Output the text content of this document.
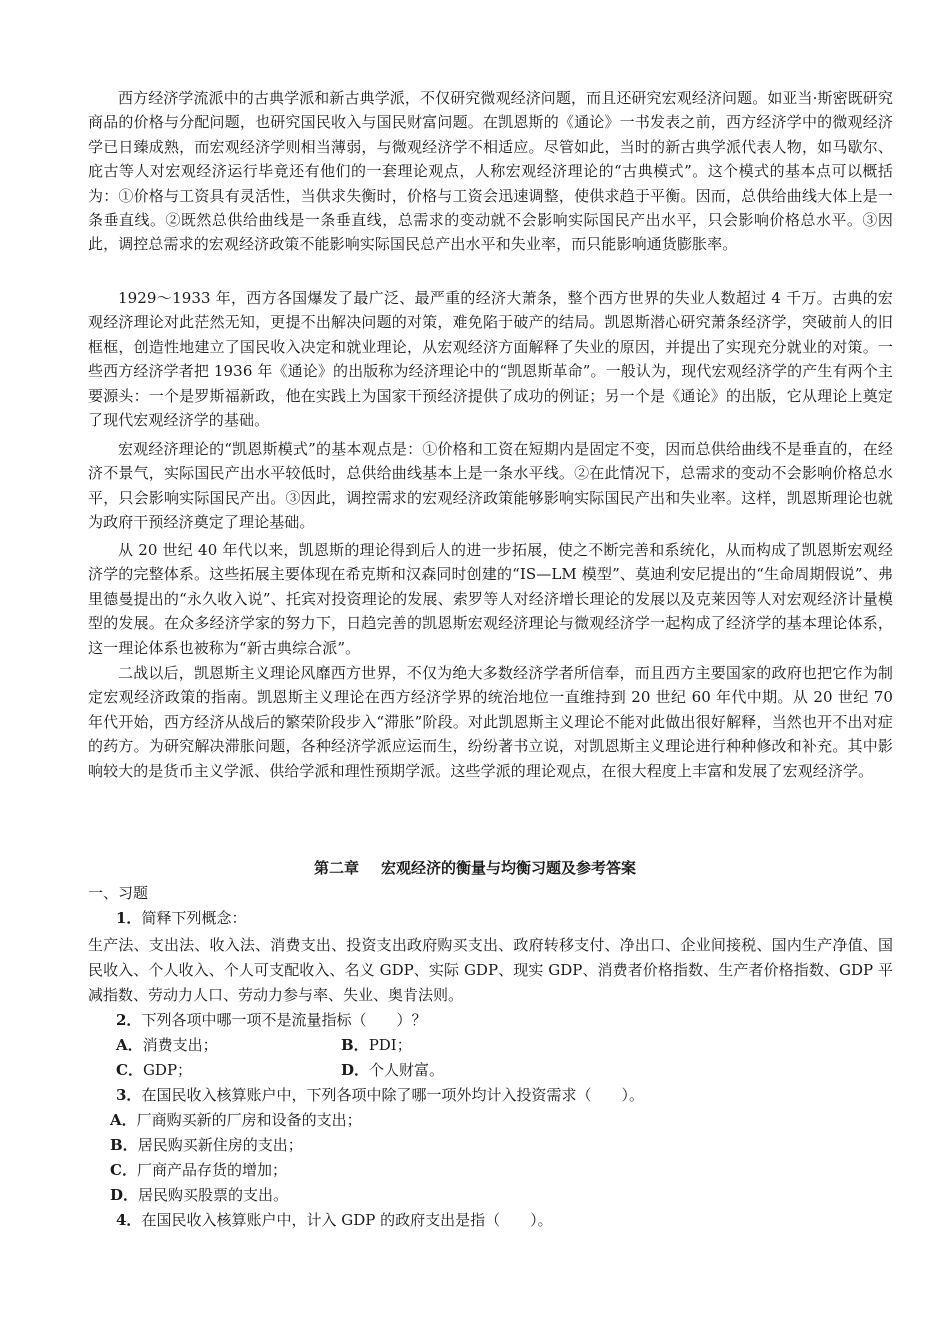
西方经济学流派中的古典学派和新古典学派，不仅研究微观经济问题，而且还研究宏观经济问题。如亚当·斯密既研究商品的价格与分配问题，也研究国民收入与国民财富问题。在凯恩斯的《通论》一书发表之前，西方经济学中的微观经济学已日臻成熟，而宏观经济学则相当薄弱，与微观经济学不相适应。尽管如此，当时的新古典学派代表人物，如马歇尔、庇古等人对宏观经济运行毕竟还有他们的一套理论观点，人称宏观经济理论的“古典模式”。这个模式的基本点可以概括为：①价格与工资具有灵活性，当供求失衡时，价格与工资会迅速调整，使供求趋于平衡。因而，总供给曲线大体上是一条垂直线。②既然总供给曲线是一条垂直线，总需求的变动就不会影响实际国民产出水平，只会影响价格总水平。③因此，调控总需求的宏观经济政策不能影响实际国民总产出水平和失业率，而只能影响通货膨胀率。

1929～1933 年，西方各国爆发了最广泛、最严重的经济大萧条，整个西方世界的失业人数超过 4 千万。古典的宏观经济理论对此茫然无知，更提不出解决问题的对策，难免陷于破产的结局。凯恩斯潜心研究萧条经济学，突破前人的旧框框，创造性地建立了国民收入决定和就业理论，从宏观经济方面解释了失业的原因，并提出了实现充分就业的对策。一些西方经济学者把 1936 年《通论》的出版称为经济理论中的“凯恩斯革命”。一般认为，现代宏观经济学的产生有两个主要源头：一个是罗斯福新政，他在实践上为国家干预经济提供了成功的例证；另一个是《通论》的出版，它从理论上奠定了现代宏观经济学的基础。

宏观经济理论的“凯恩斯模式”的基本观点是：①价格和工资在短期内是固定不变，因而总供给曲线不是垂直的，在经济不景气，实际国民产出水平较低时，总供给曲线基本上是一条水平线。②在此情况下，总需求的变动不会影响价格总水平，只会影响实际国民产出。③因此，调控需求的宏观经济政策能够影响实际国民产出和失业率。这样，凯恩斯理论也就为政府干预经济奠定了理论基础。

从 20 世纪 40 年代以来，凯恩斯的理论得到后人的进一步拓展，使之不断完善和系统化，从而构成了凯恩斯宏观经济学的完整体系。这些拓展主要体现在希克斯和汉森同时创建的“IS—LM 模型”、莫迪利安尼提出的“生命周期假说”、弗里德曼提出的“永久收入说”、托宾对投资理论的发展、索罗等人对经济增长理论的发展以及克莱因等人对宏观经济计量模型的发展。在众多经济学家的努力下，日趋完善的凯恩斯宏观经济理论与微观经济学一起构成了经济学的基本理论体系，这一理论体系也被称为“新古典综合派”。

二战以后，凯恩斯主义理论风靡西方世界，不仅为绝大多数经济学者所信奉，而且西方主要国家的政府也把它作为制定宏观经济政策的指南。凯恩斯主义理论在西方经济学界的统治地位一直维持到 20 世纪 60 年代中期。从 20 世纪 70 年代开始，西方经济从战后的繁荣阶段步入“滞胀”阶段。对此凯恩斯主义理论不能对此做出很好解释，当然也开不出对症的药方。为研究解决滞胀问题，各种经济学派应运而生，纷纷著书立说，对凯恩斯主义理论进行种种修改和补充。其中影响较大的是货币主义学派、供给学派和理性预期学派。这些学派的理论观点，在很大程度上丰富和发展了宏观经济学。

第二章 宏观经济的衡量与均衡习题及参考答案

一、习题

1．简释下列概念：

生产法、支出法、收入法、消费支出、投资支出政府购买支出、政府转移支付、净出口、企业间接税、国内生产净值、国民收入、个人收入、个人可支配收入、名义 GDP、实际 GDP、现实 GDP、消费者价格指数、生产者价格指数、GDP 平减指数、劳动力人口、劳动力参与率、失业、奥肯法则。

2．下列各项中哪一项不是流量指标（　　）？

A．消费支出；	B．PDI；

C．GDP；	D．个人财富。

3．在国民收入核算账户中，下列各项中除了哪一项外均计入投资需求（　　）。

A．厂商购买新的厂房和设备的支出；

B．居民购买新住房的支出；

C．厂商产品存货的增加；

D．居民购买股票的支出。

4．在国民收入核算账户中，计入 GDP 的政府支出是指（　　）。
